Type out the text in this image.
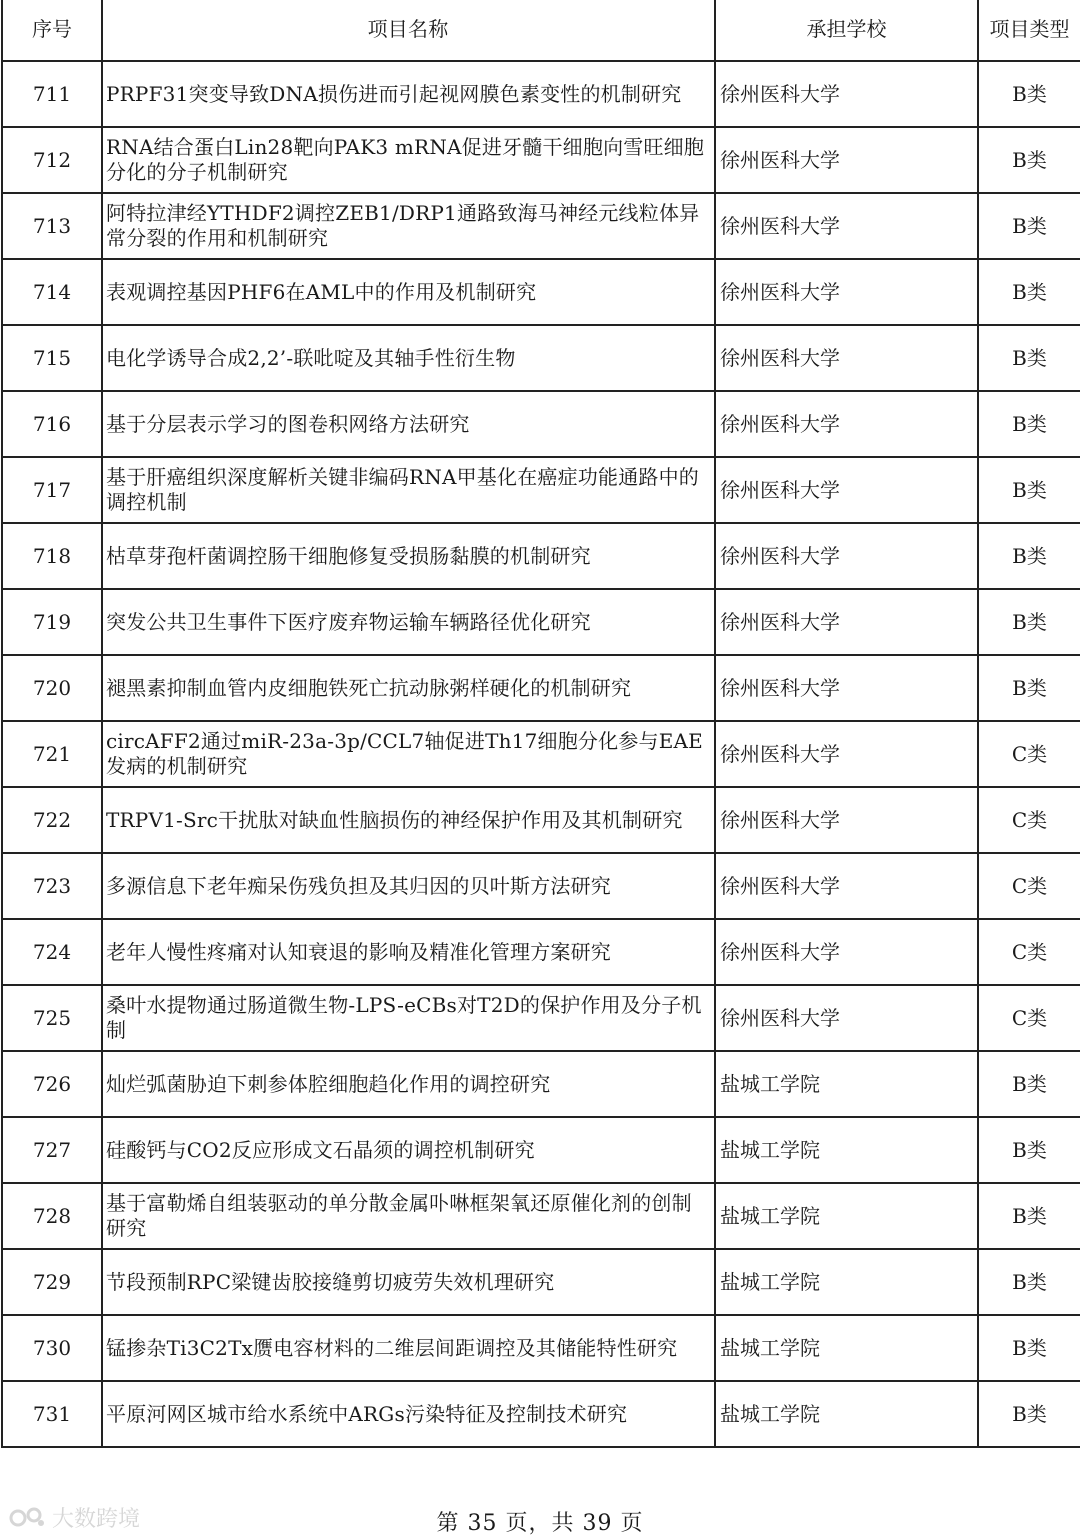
序号	项目名称	承担学校	项目类型
711	PRPF31突变导致DNA损伤进而引起视网膜色素变性的机制研究	徐州医科大学	B类
712	RNA结合蛋白Lin28靶向PAK3 mRNA促进牙髓干细胞向雪旺细胞分化的分子机制研究	徐州医科大学	B类
713	阿特拉津经YTHDF2调控ZEB1/DRP1通路致海马神经元线粒体异常分裂的作用和机制研究	徐州医科大学	B类
714	表观调控基因PHF6在AML中的作用及机制研究	徐州医科大学	B类
715	电化学诱导合成2,2’-联吡啶及其轴手性衍生物	徐州医科大学	B类
716	基于分层表示学习的图卷积网络方法研究	徐州医科大学	B类
717	基于肝癌组织深度解析关键非编码RNA甲基化在癌症功能通路中的调控机制	徐州医科大学	B类
718	枯草芽孢杆菌调控肠干细胞修复受损肠黏膜的机制研究	徐州医科大学	B类
719	突发公共卫生事件下医疗废弃物运输车辆路径优化研究	徐州医科大学	B类
720	褪黑素抑制血管内皮细胞铁死亡抗动脉粥样硬化的机制研究	徐州医科大学	B类
721	circAFF2通过miR-23a-3p/CCL7轴促进Th17细胞分化参与EAE发病的机制研究	徐州医科大学	C类
722	TRPV1-Src干扰肽对缺血性脑损伤的神经保护作用及其机制研究	徐州医科大学	C类
723	多源信息下老年痴呆伤残负担及其归因的贝叶斯方法研究	徐州医科大学	C类
724	老年人慢性疼痛对认知衰退的影响及精准化管理方案研究	徐州医科大学	C类
725	桑叶水提物通过肠道微生物-LPS-eCBs对T2D的保护作用及分子机制	徐州医科大学	C类
726	灿烂弧菌胁迫下刺参体腔细胞趋化作用的调控研究	盐城工学院	B类
727	硅酸钙与CO2反应形成文石晶须的调控机制研究	盐城工学院	B类
728	基于富勒烯自组装驱动的单分散金属卟啉框架氧还原催化剂的创制研究	盐城工学院	B类
729	节段预制RPC梁键齿胶接缝剪切疲劳失效机理研究	盐城工学院	B类
730	锰掺杂Ti3C2Tx赝电容材料的二维层间距调控及其储能特性研究	盐城工学院	B类
731	平原河网区城市给水系统中ARGs污染特征及控制技术研究	盐城工学院	B类
大数跨境	第 35 页，共 39 页
